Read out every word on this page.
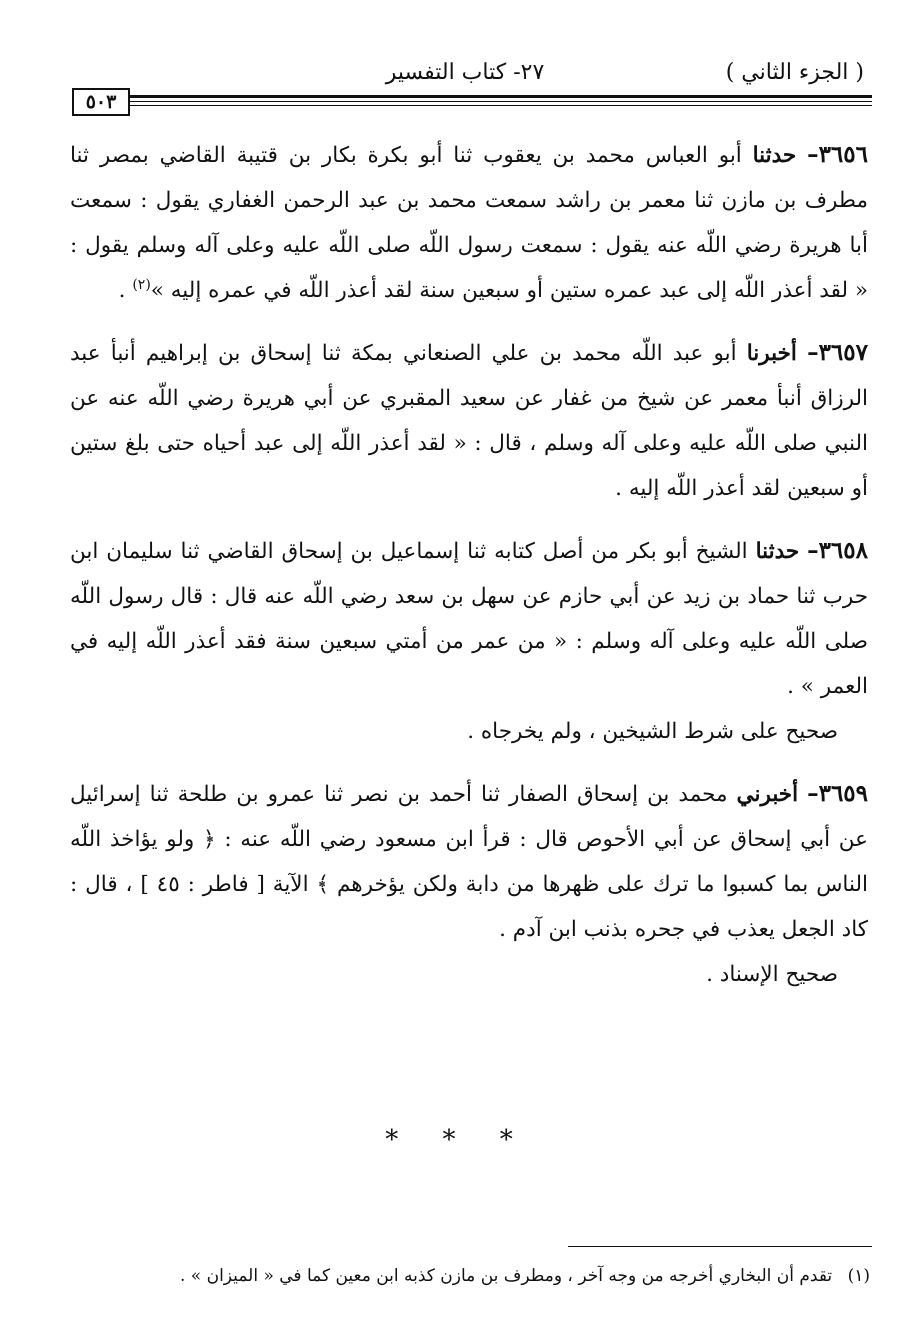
( الجزء الثاني )
٢٧- كتاب التفسير
٥٠٣

٣٦٥٦– حدثنا أبو العباس محمد بن يعقوب ثنا أبو بكرة بكار بن قتيبة القاضي بمصر ثنا مطرف بن مازن ثنا معمر بن راشد سمعت محمد بن عبد الرحمن الغفاري يقول : سمعت أبا هريرة رضي اللّه عنه يقول : سمعت رسول اللّه صلى اللّه عليه وعلى آله وسلم يقول : « لقد أعذر اللّه إلى عبد عمره ستين أو سبعين سنة لقد أعذر اللّه في عمره إليه »$^{(٢)}$ .

٣٦٥٧– أخبرنا أبو عبد اللّه محمد بن علي الصنعاني بمكة ثنا إسحاق بن إبراهيم أنبأ عبد الرزاق أنبأ معمر عن شيخ من غفار عن سعيد المقبري عن أبي هريرة رضي اللّه عنه عن النبي صلى اللّه عليه وعلى آله وسلم ، قال : « لقد أعذر اللّه إلى عبد أحياه حتى بلغ ستين أو سبعين لقد أعذر اللّه إليه .

٣٦٥٨– حدثنا الشيخ أبو بكر من أصل كتابه ثنا إسماعيل بن إسحاق القاضي ثنا سليمان ابن حرب ثنا حماد بن زيد عن أبي حازم عن سهل بن سعد رضي اللّه عنه قال : قال رسول اللّه صلى اللّه عليه وعلى آله وسلم : « من عمر من أمتي سبعين سنة فقد أعذر اللّه إليه في العمر » .

صحيح على شرط الشيخين ، ولم يخرجاه .

٣٦٥٩– أخبرني محمد بن إسحاق الصفار ثنا أحمد بن نصر ثنا عمرو بن طلحة ثنا إسرائيل عن أبي إسحاق عن أبي الأحوص قال : قرأ ابن مسعود رضي اللّه عنه : ﴿ ولو يؤاخذ اللّه الناس بما كسبوا ما ترك على ظهرها من دابة ولكن يؤخرهم ﴾ الآية [ فاطر : ٤٥ ] ، قال : كاد الجعل يعذب في جحره بذنب ابن آدم .

صحيح الإسناد .

* * *
(١) تقدم أن البخاري أخرجه من وجه آخر ، ومطرف بن مازن كذبه ابن معين كما في « الميزان » .
